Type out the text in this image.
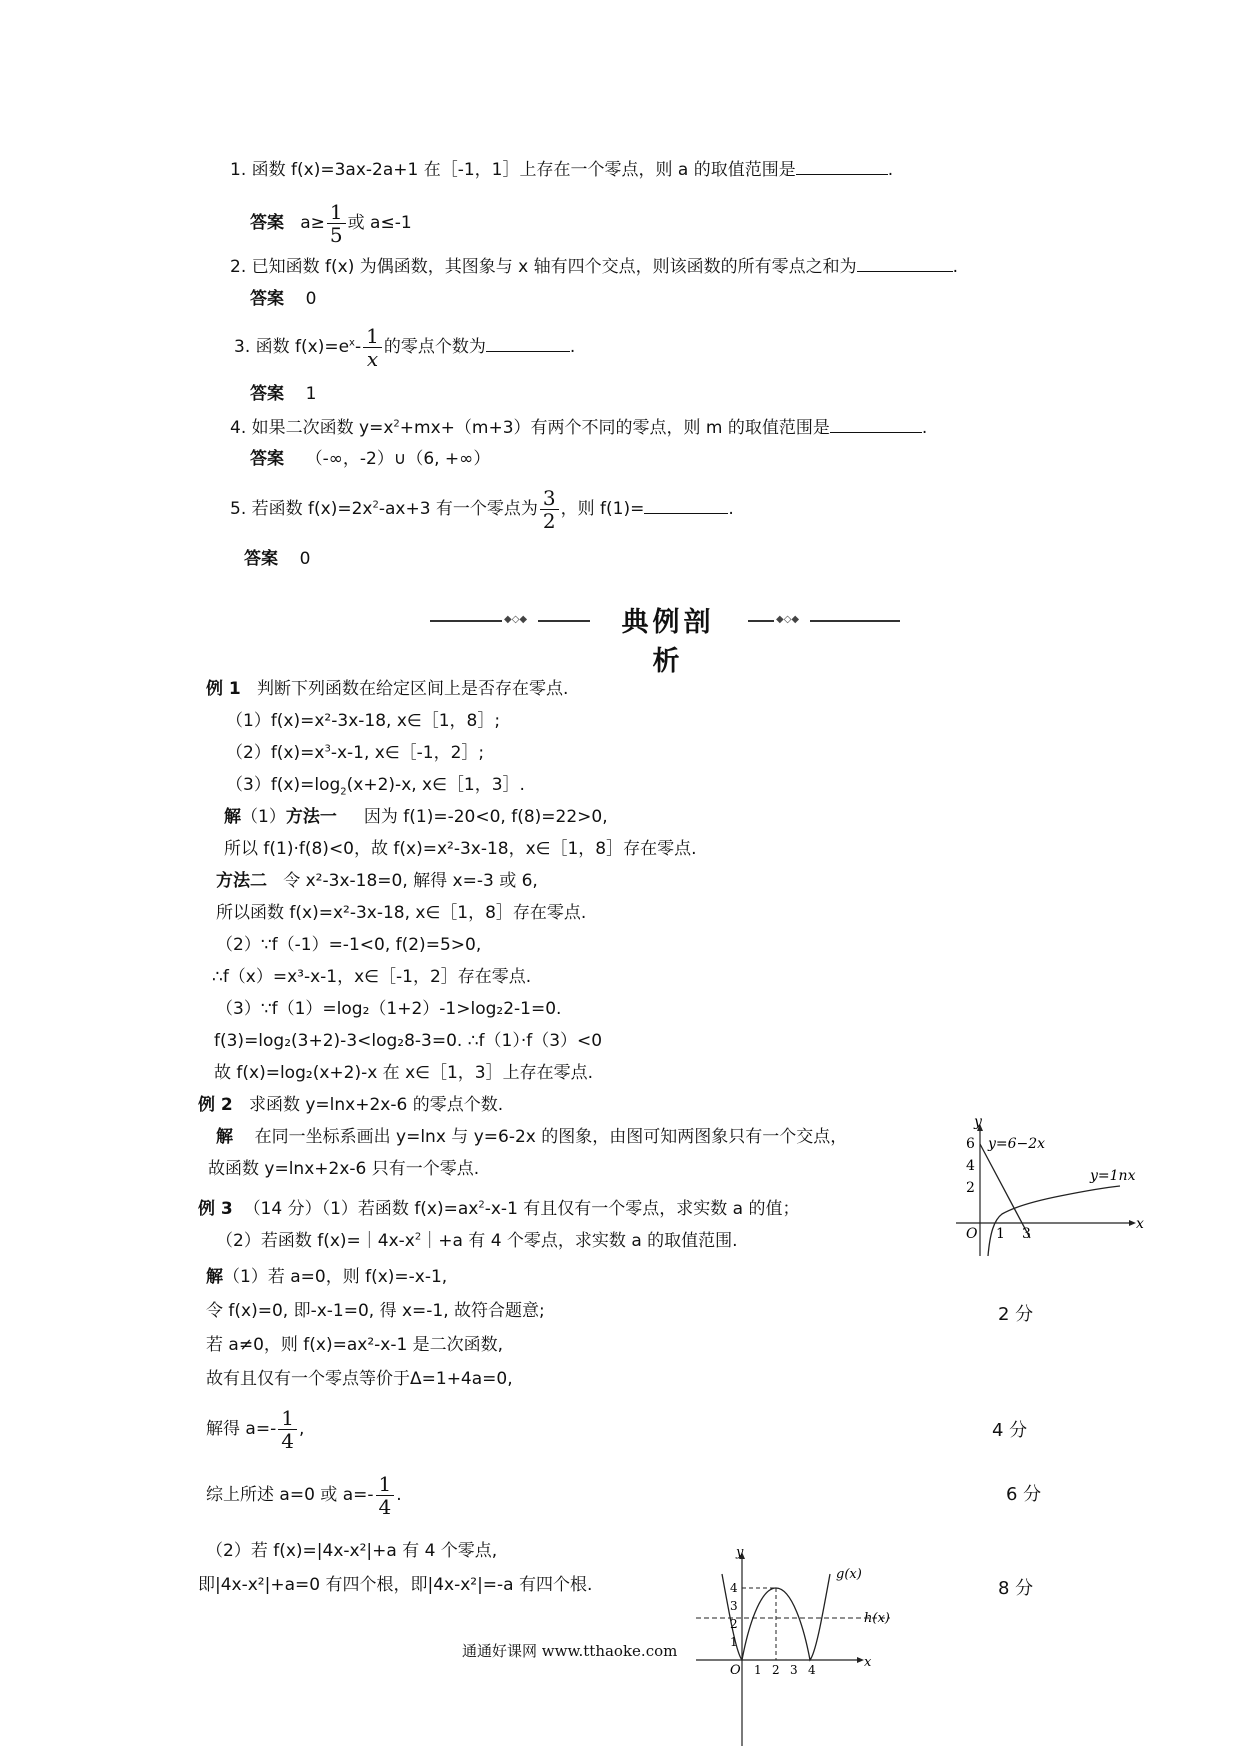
1. 函数 f(x)=3ax-2a+1 在［-1，1］上存在一个零点，则 a 的取值范围是	.
答案 $a\ge \frac{1}{5}$ 或 a≤-1
2. 已知函数 f(x) 为偶函数，其图象与 x 轴有四个交点，则该函数的所有零点之和为	.
答案 0
3. 函数 $f(x)=e^x- \frac{1}{x}$ 的零点个数为	.
答案 1
4. 如果二次函数 $y=x^2+mx+(m+3)$有两个不同的零点，则 m 的取值范围是	.
答案 （-∞，-2）∪（6, +∞）
5. 若函数 $f(x)=2x^2-ax+3$ 有一个零点为 $\frac{3}{2}$ ，则 f(1)=	.
答案 0
◆◇◆	典例剖析
◆◇◆
例 1 判断下列函数在给定区间上是否存在零点.
（1）f(x)=x²-3x-18, x∈［1，8］;
$(2)f(x)=x^3-x-1$, x∈［-1，2］;
$(3)f(x)=\log_2(x+2)-x$, x∈［1，3］.
解（1）方法一 因为 f(1)=-20<0, f(8)=22>0,
所以 f(1)·f(8)<0，故 f(x)=x²-3x-18，x∈［1，8］存在零点.
方法二 令 x²-3x-18=0, 解得 x=-3 或 6,
所以函数 f(x)=x²-3x-18, x∈［1，8］存在零点.
（2）∵f（-1）=-1<0, f(2)=5>0,
∴f（x）=x³-x-1，x∈［-1，2］存在零点.
（3）∵f（1）=log₂（1+2）-1>log₂2-1=0.
f(3)=log₂(3+2)-3<log₂8-3=0. ∴f（1）·f（3）<0
故 f(x)=log₂(x+2)-x 在 x∈［1，3］上存在零点.
例 2 求函数 y=lnx+2x-6 的零点个数.
解 在同一坐标系画出 y=lnx 与 y=6-2x 的图象，由图可知两图象只有一个交点，
故函数 y=lnx+2x-6 只有一个零点.
y
x
O
6
4
2
1 3
y=6−2x
y=1nx
例 3 （14 分）（1）若函数 $f(x)=ax^2-x-1$ 有且仅有一个零点，求实数 a 的值；
（2）若函数 $f(x)=|4x-x^2|+a$ 有 4 个零点，求实数 a 的取值范围.
解（1）若 a=0，则 f(x)=-x-1,
令 f(x)=0, 即-x-1=0, 得 x=-1, 故符合题意;	2 分
若 a≠0，则 f(x)=ax²-x-1 是二次函数,
故有且仅有一个零点等价于Δ=1+4a=0,
解得 $a=- \frac{1}{4}$ ,	4 分
综上所述 a=0 或 $a=- \frac{1}{4}$ .	6 分
（2）若 f(x)=|4x-x²|+a 有 4 个零点,
即|4x-x²|+a=0 有四个根，即|4x-x²|=-a 有四个根.	8 分
y
x
O
4
3
2
1
1 2 3 4
g(x)
h(x)
通通好课网 www.tthaoke.com
